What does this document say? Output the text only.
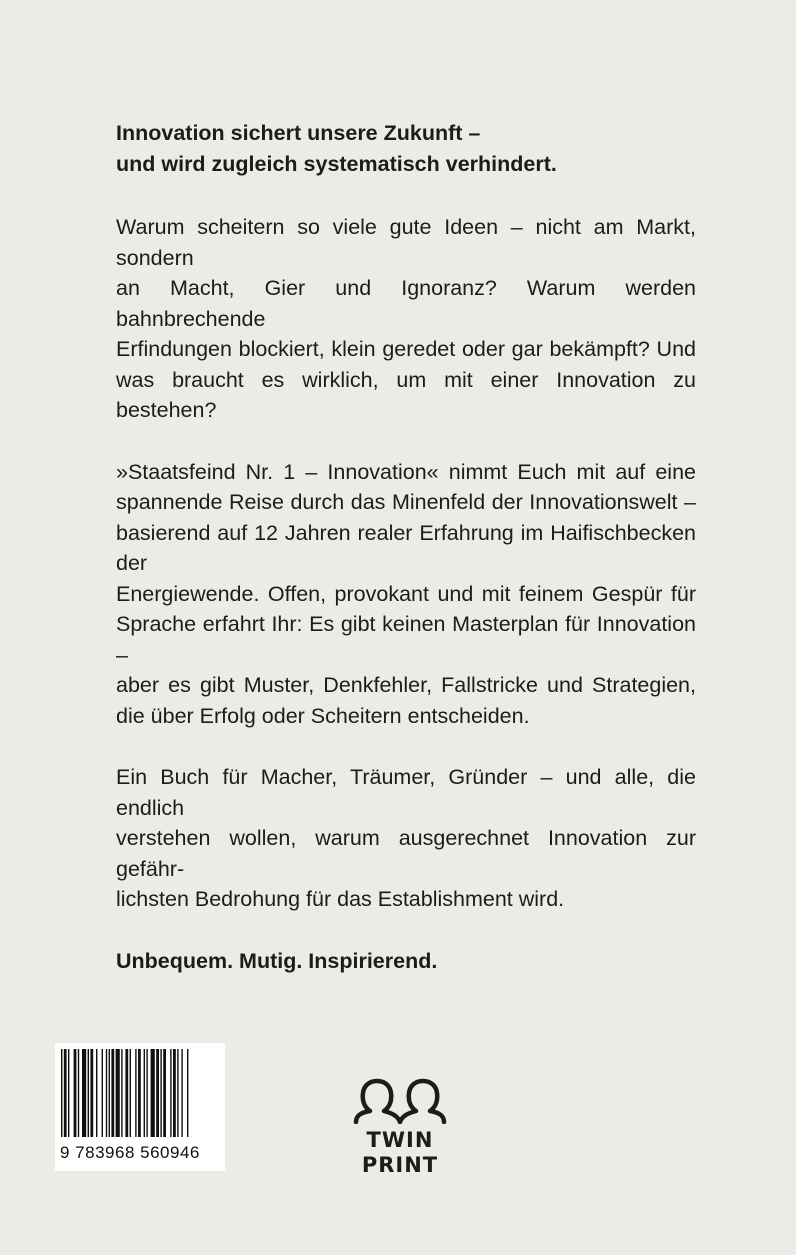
Innovation sichert unsere Zukunft –
und wird zugleich systematisch verhindert.
Warum scheitern so viele gute Ideen – nicht am Markt, sondern
an Macht, Gier und Ignoranz? Warum werden bahnbrechende
Erfindungen blockiert, klein geredet oder gar bekämpft? Und
was braucht es wirklich, um mit einer Innovation zu bestehen?
»Staatsfeind Nr. 1 – Innovation« nimmt Euch mit auf eine
spannende Reise durch das Minenfeld der Innovationswelt –
basierend auf 12 Jahren realer Erfahrung im Haifischbecken der
Energiewende. Offen, provokant und mit feinem Gespür für
Sprache erfahrt Ihr: Es gibt keinen Masterplan für Innovation –
aber es gibt Muster, Denkfehler, Fallstricke und Strategien,
die über Erfolg oder Scheitern entscheiden.
Ein Buch für Macher, Träumer, Gründer – und alle, die endlich
verstehen wollen, warum ausgerechnet Innovation zur gefähr-
lichsten Bedrohung für das Establishment wird.
Unbequem. Mutig. Inspirierend.
9 783968 560946
TWIN
PRINT
